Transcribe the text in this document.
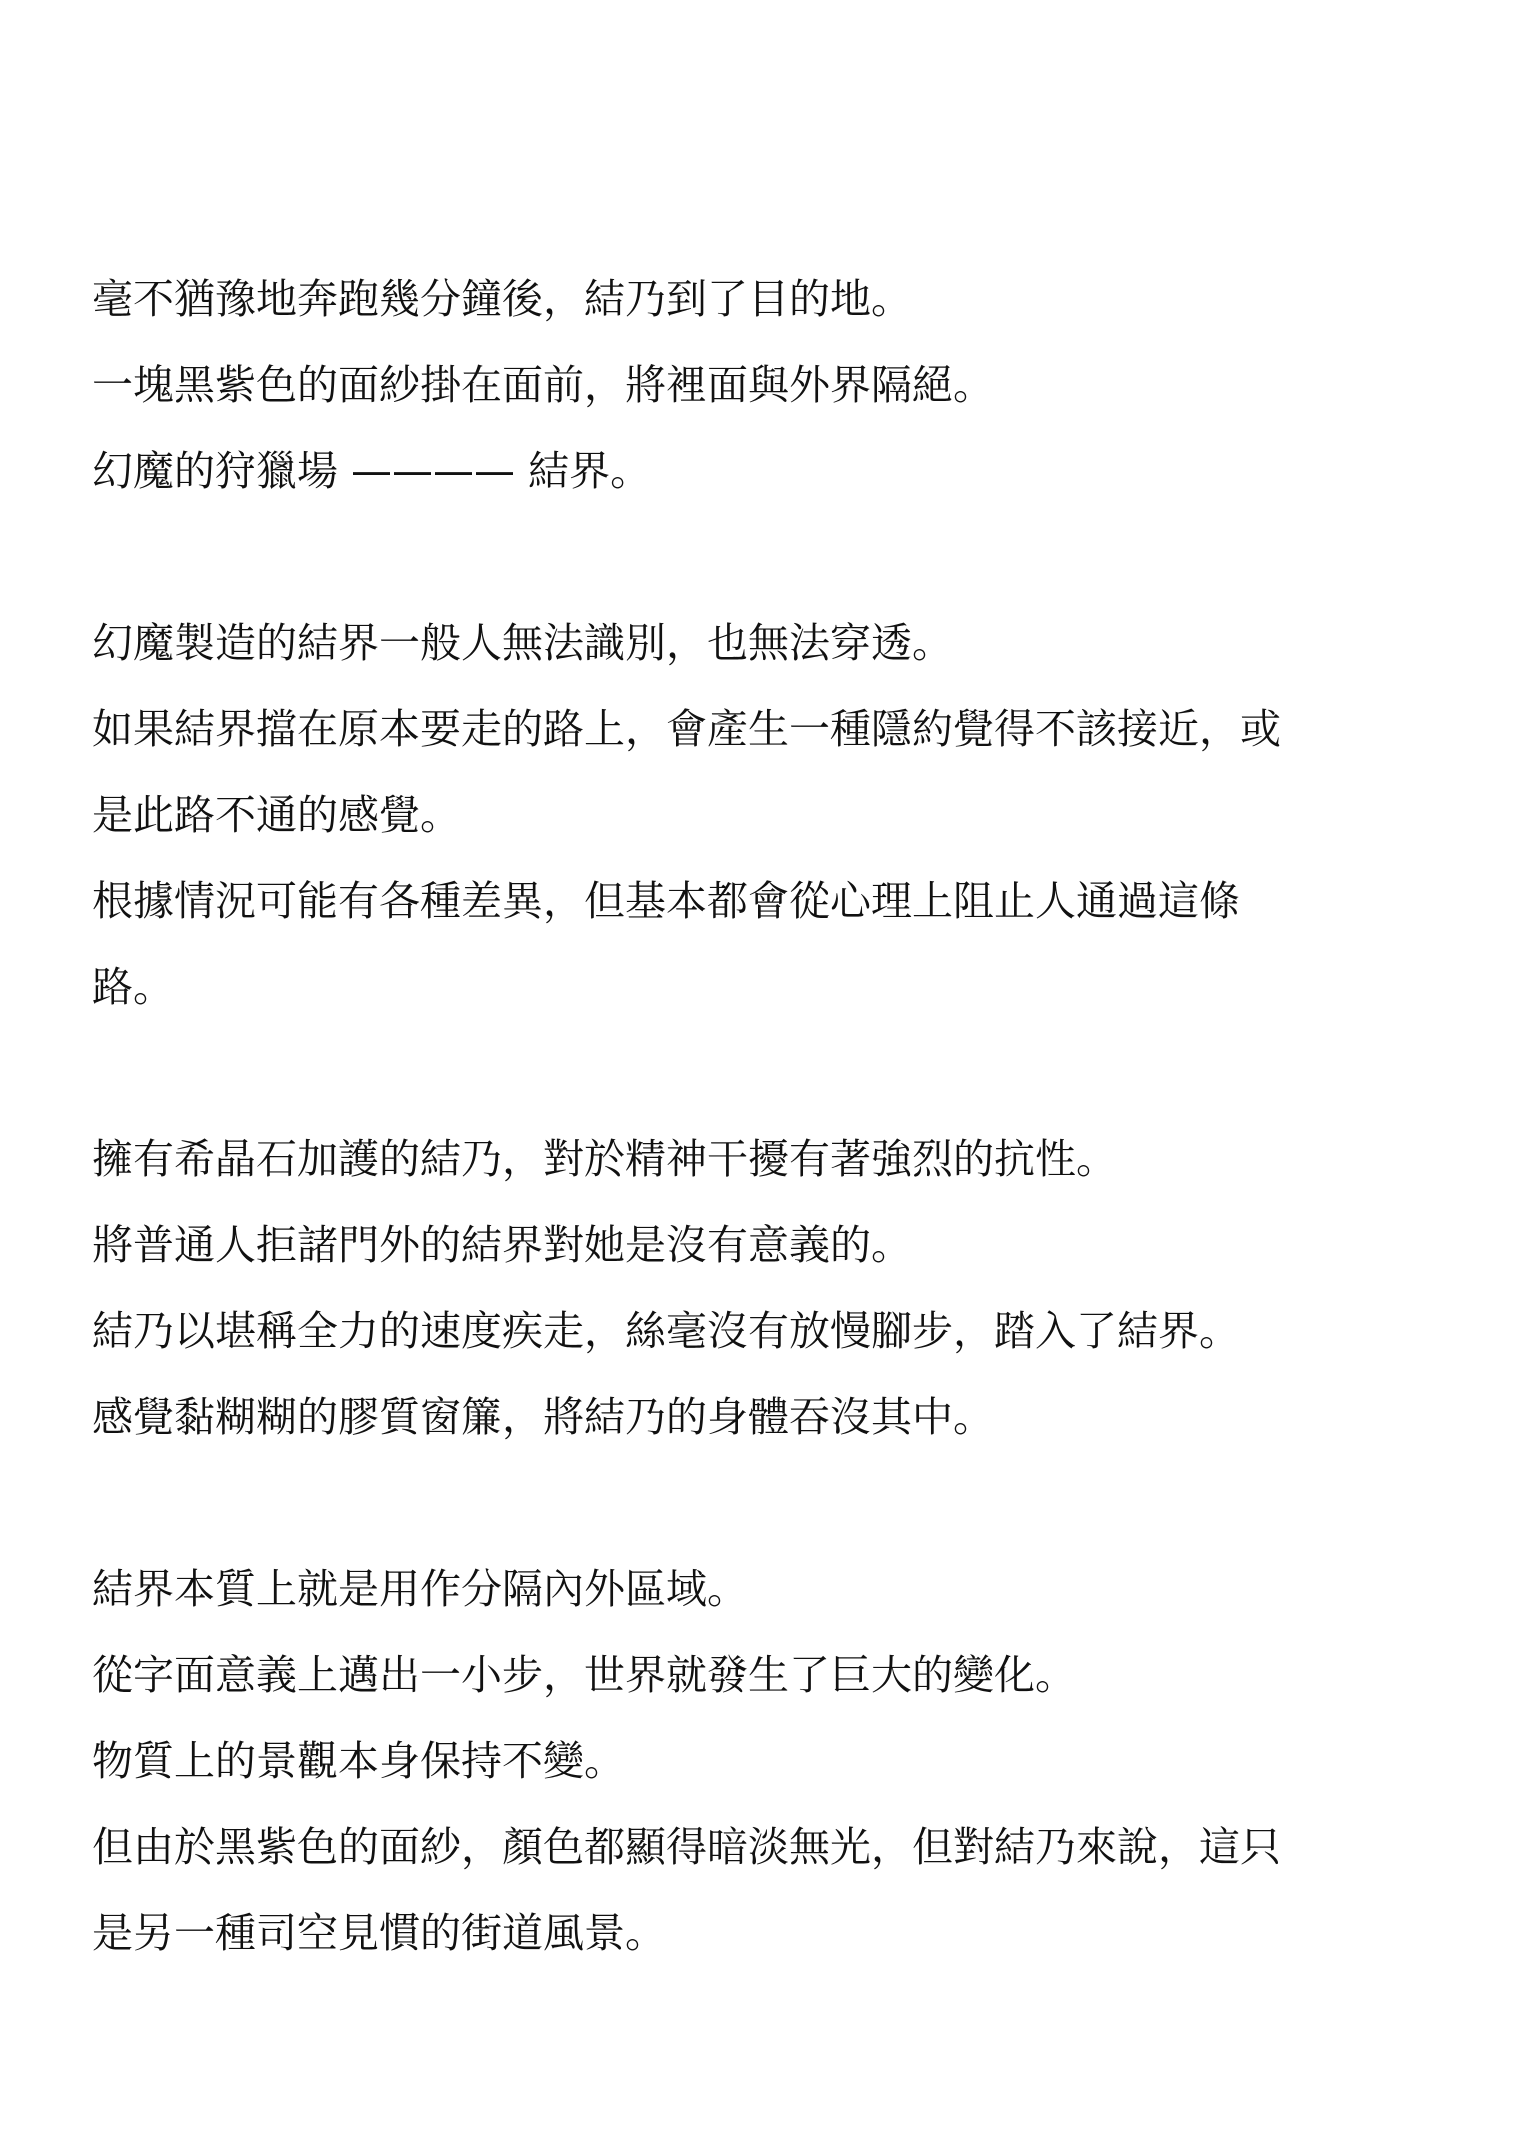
毫不猶豫地奔跑幾分鐘後，結乃到了目的地。
一塊黑紫色的面紗掛在面前，將裡面與外界隔絕。
幻魔的狩獵場 ———— 結界。
幻魔製造的結界一般人無法識別，也無法穿透。
如果結界擋在原本要走的路上，會產生一種隱約覺得不該接近，或
是此路不通的感覺。
根據情況可能有各種差異，但基本都會從心理上阻止人通過這條
路。
擁有希晶石加護的結乃，對於精神干擾有著強烈的抗性。
將普通人拒諸門外的結界對她是沒有意義的。
結乃以堪稱全力的速度疾走，絲毫沒有放慢腳步，踏入了結界。
感覺黏糊糊的膠質窗簾，將結乃的身體吞沒其中。
結界本質上就是用作分隔內外區域。
從字面意義上邁出一小步，世界就發生了巨大的變化。
物質上的景觀本身保持不變。
但由於黑紫色的面紗，顏色都顯得暗淡無光，但對結乃來說，這只
是另一種司空見慣的街道風景。
